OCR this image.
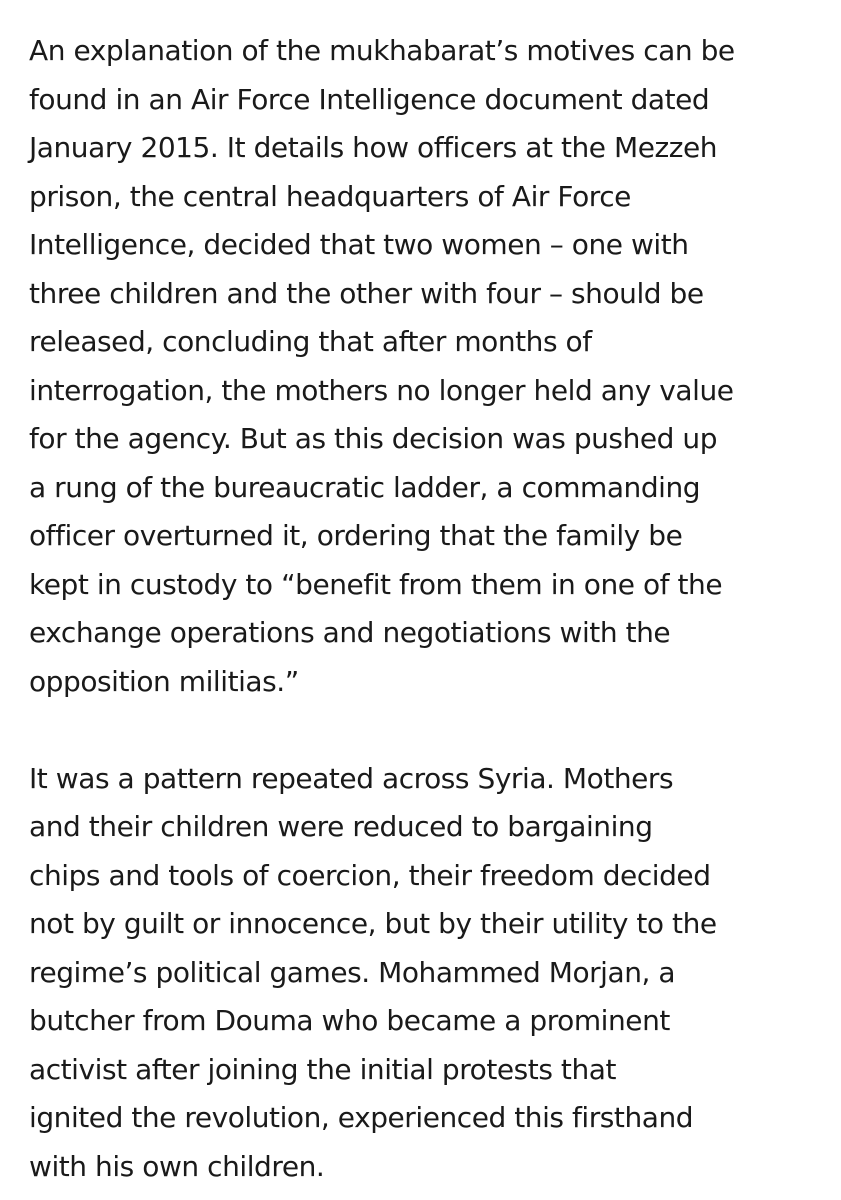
An explanation of the mukhabarat’s motives can be
found in an Air Force Intelligence document dated
January 2015. It details how officers at the Mezzeh
prison, the central headquarters of Air Force
Intelligence, decided that two women – one with
three children and the other with four – should be
released, concluding that after months of
interrogation, the mothers no longer held any value
for the agency. But as this decision was pushed up
a rung of the bureaucratic ladder, a commanding
officer overturned it, ordering that the family be
kept in custody to “benefit from them in one of the
exchange operations and negotiations with the
opposition militias.”
It was a pattern repeated across Syria. Mothers
and their children were reduced to bargaining
chips and tools of coercion, their freedom decided
not by guilt or innocence, but by their utility to the
regime’s political games. Mohammed Morjan, a
butcher from Douma who became a prominent
activist after joining the initial protests that
ignited the revolution, experienced this firsthand
with his own children.
